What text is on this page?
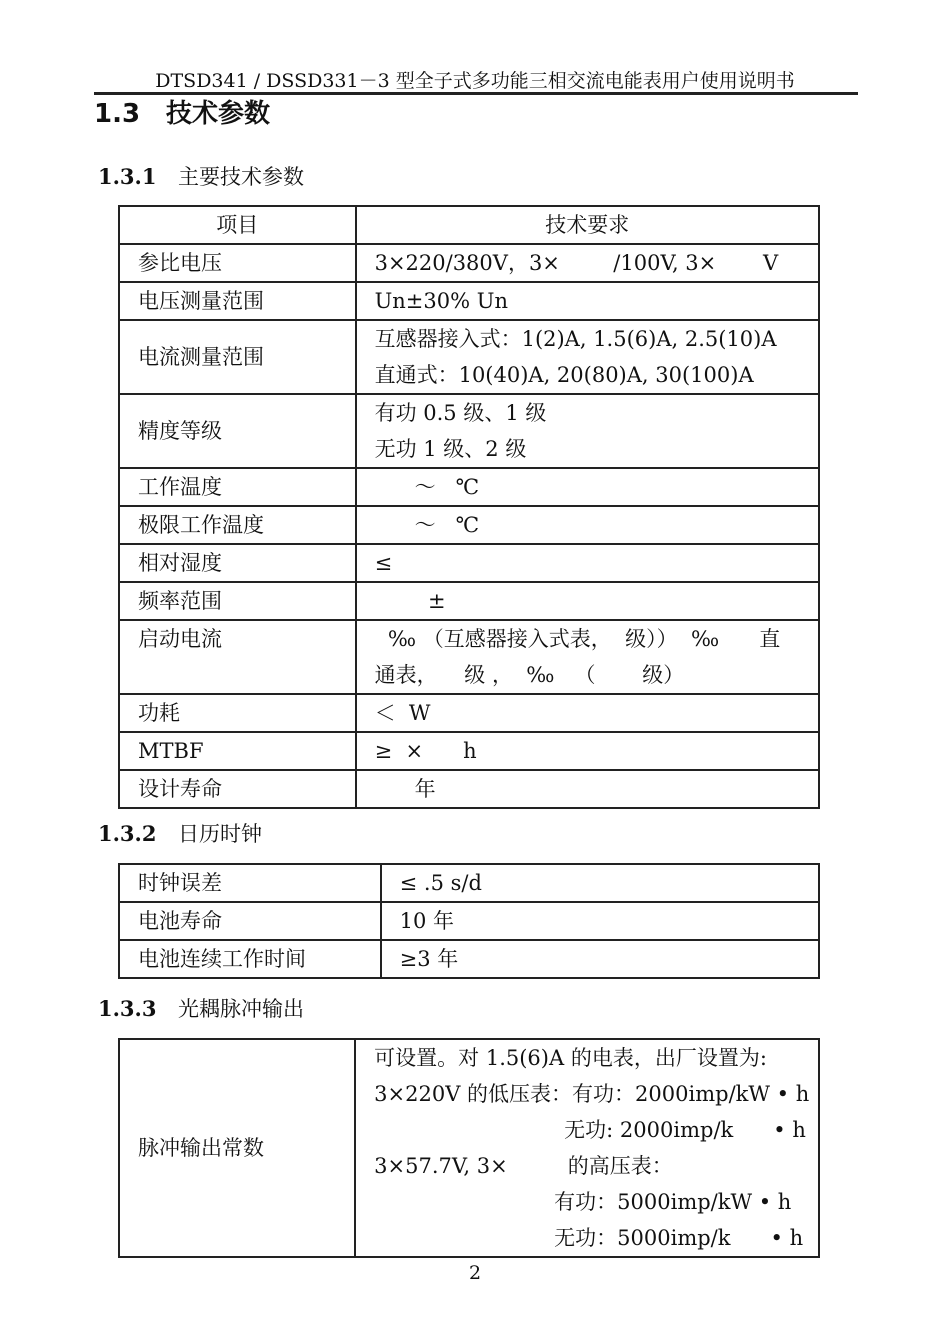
DTSD341 / DSSD331－3 型全子式多功能三相交流电能表用户使用说明书
1.3 技术参数
1.3.1 主要技术参数
项目	技术要求

参比电压	3×220/380V，3×        /100V, 3×       V

电压测量范围	Un±30% Un

电流测量范围	互感器接入式：1(2)A, 1.5(6)A, 2.5(10)A
直通式：10(40)A, 20(80)A, 30(100)A

精度等级	有功 0.5 级、1 级
无功 1 级、2 级

工作温度	～   ℃

极限工作温度	～   ℃

相对湿度	≤

频率范围	±

启动电流	‰ （互感器接入式表，  级））  ‰      直
通表，    级 ，  ‰   （       级）

功耗	＜  W

MTBF	≥  ×      h

设计寿命	年
1.3.2 日历时钟
时钟误差	≤ .5 s/d

电池寿命	10 年

电池连续工作时间	≥3 年
1.3.3 光耦脉冲输出
脉冲输出常数

可设置。对 1.5(6)A 的电表，出厂设置为:
3×220V 的低压表：有功：2000imp/kW • h
无功: 2000imp/k      • h
3×57.7V, 3×         的高压表：
有功：5000imp/kW • h
无功：5000imp/k      • h
2
